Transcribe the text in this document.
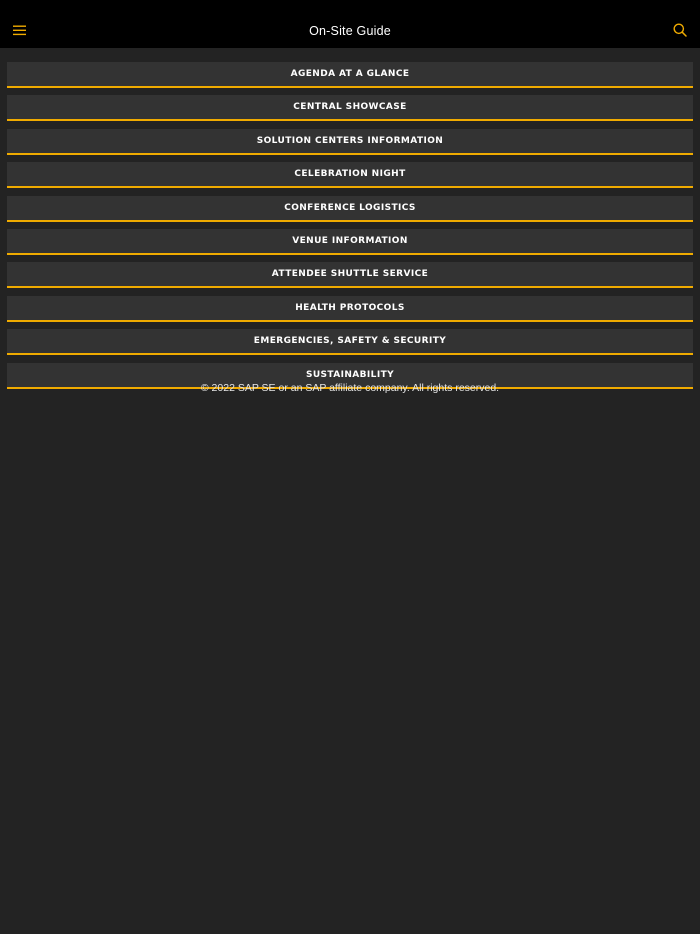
On-Site Guide
AGENDA AT A GLANCE
CENTRAL SHOWCASE
SOLUTION CENTERS INFORMATION
CELEBRATION NIGHT
CONFERENCE LOGISTICS
VENUE INFORMATION
ATTENDEE SHUTTLE SERVICE
HEALTH PROTOCOLS
EMERGENCIES, SAFETY & SECURITY
SUSTAINABILITY
© 2022 SAP SE or an SAP affiliate company. All rights reserved.
